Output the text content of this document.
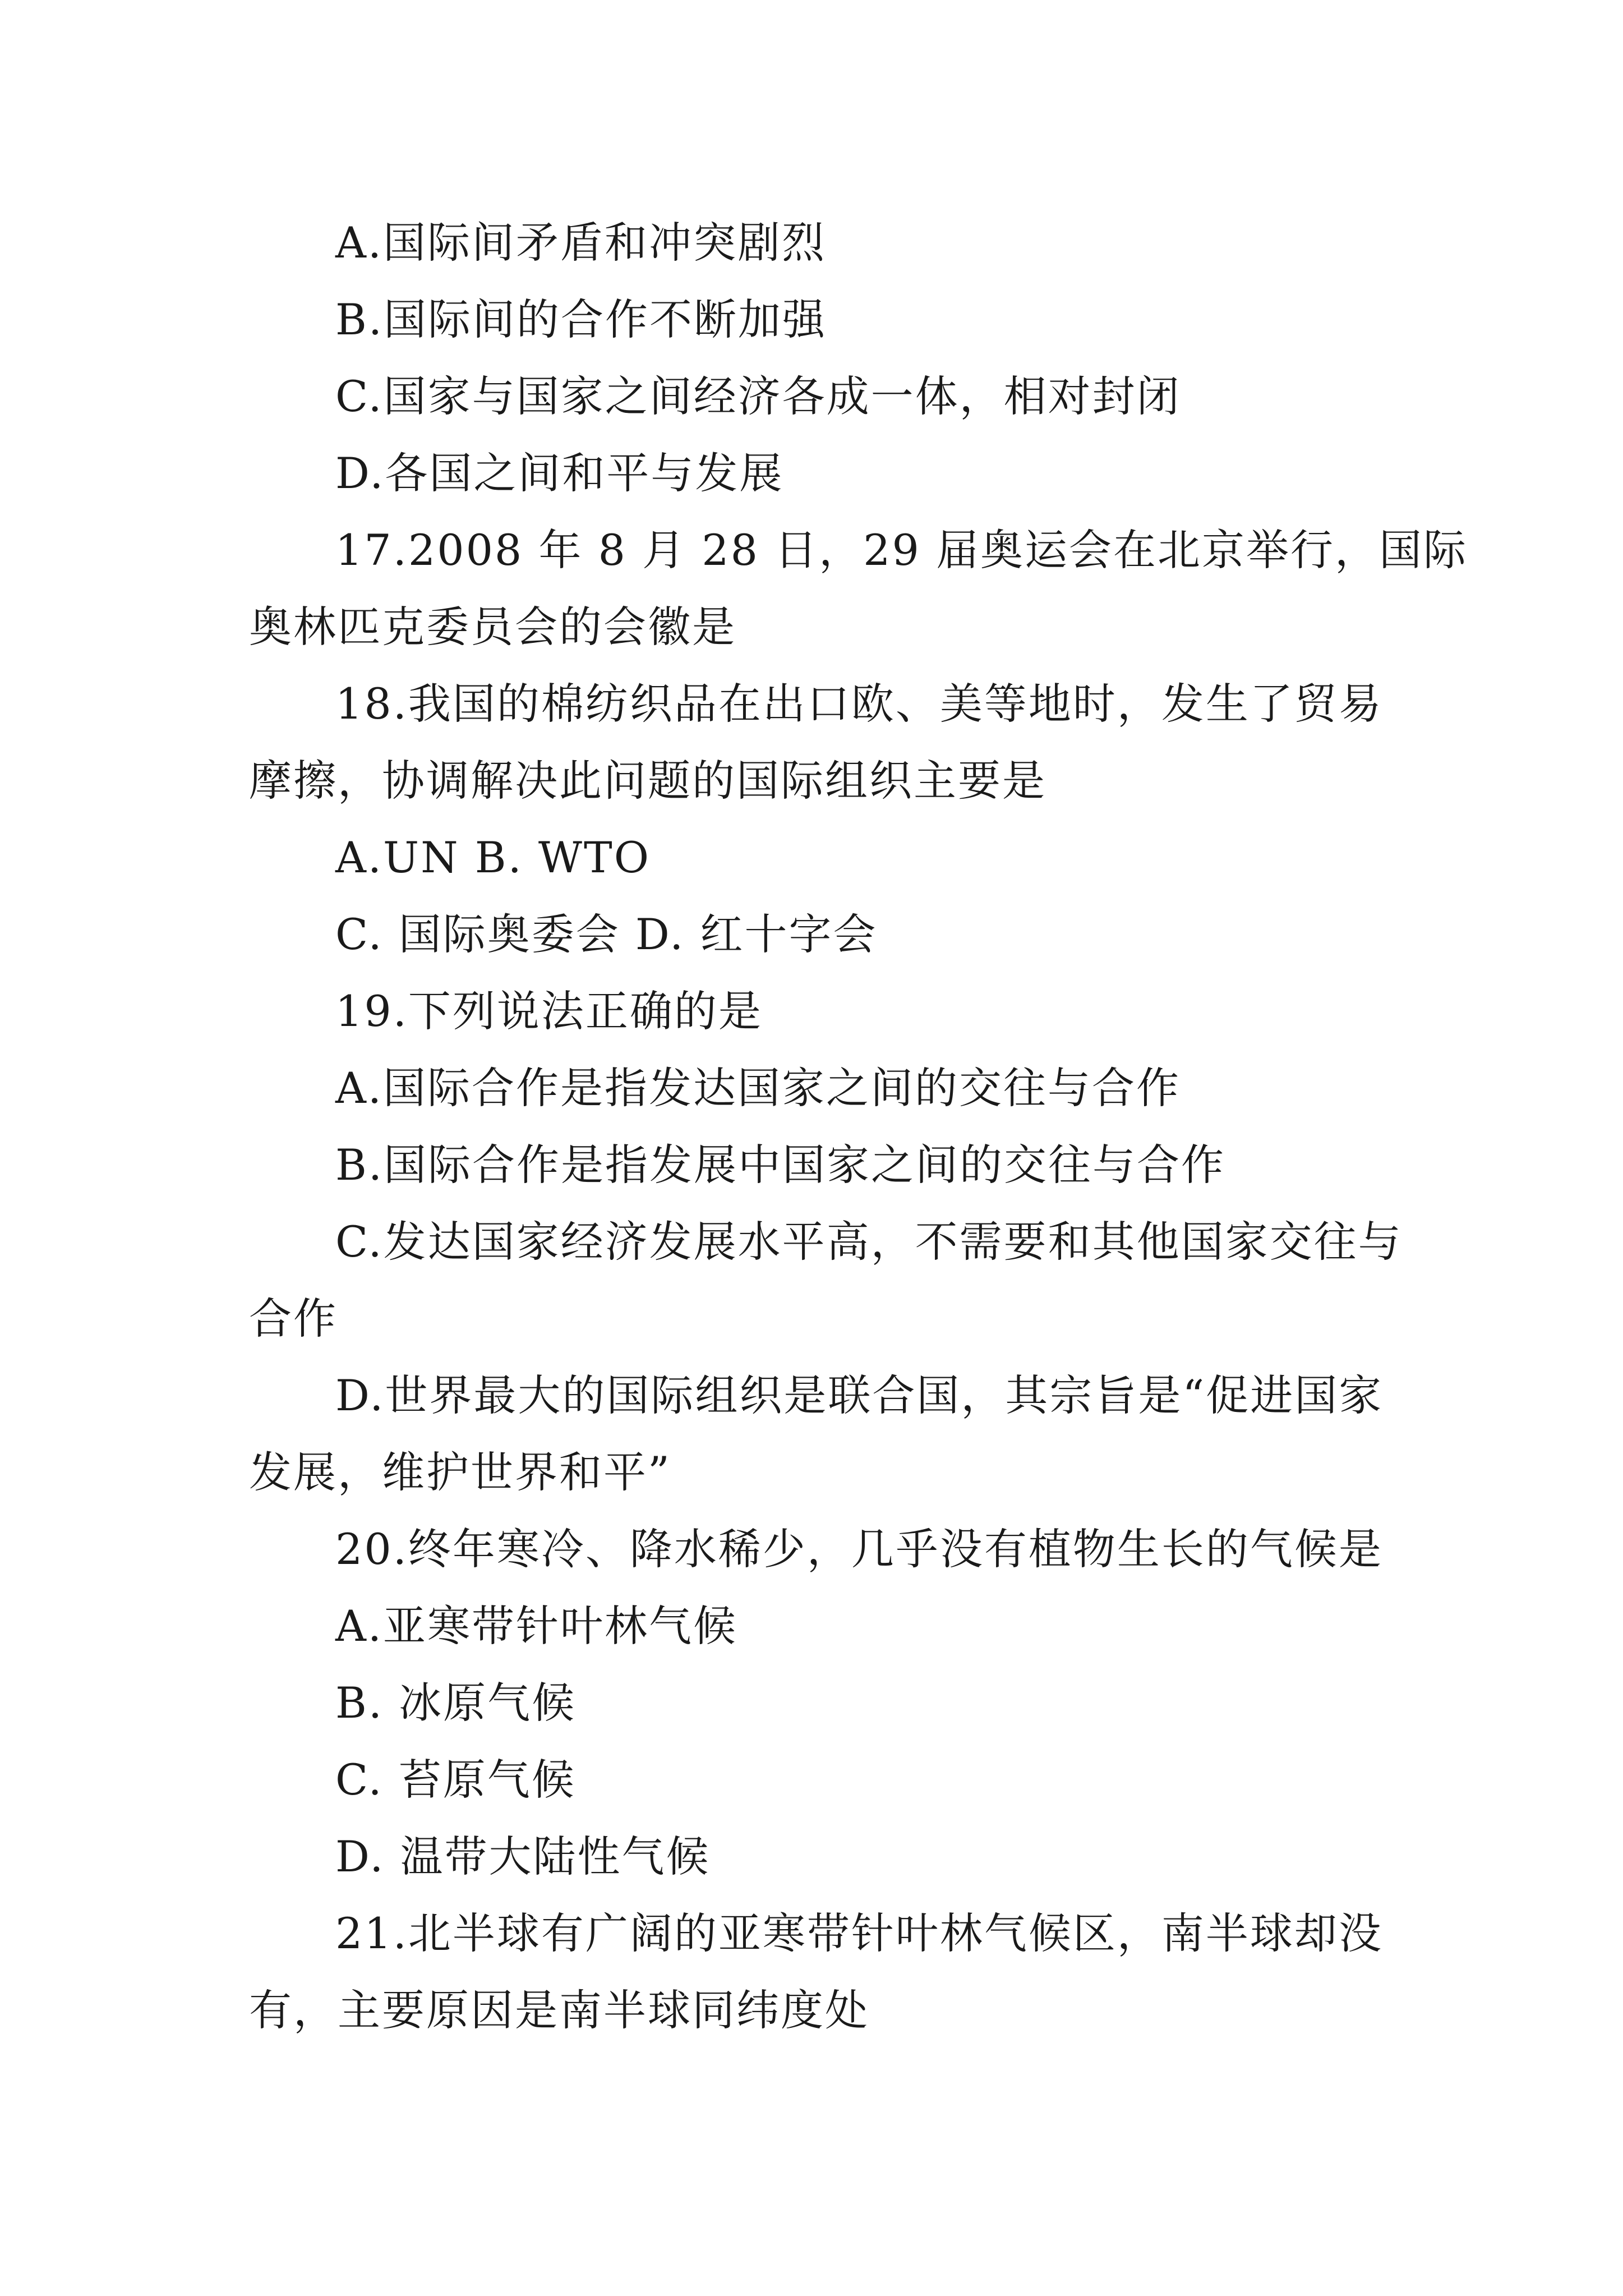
A.国际间矛盾和冲突剧烈

B.国际间的合作不断加强

C.国家与国家之间经济各成一体，相对封闭

D.各国之间和平与发展

17.2008 年 8 月 28 日，29 届奥运会在北京举行，国际

奥林匹克委员会的会徽是

18.我国的棉纺织品在出口欧、美等地时，发生了贸易

摩擦，协调解决此问题的国际组织主要是

A.UN B. WTO

C. 国际奥委会 D. 红十字会

19.下列说法正确的是

A.国际合作是指发达国家之间的交往与合作

B.国际合作是指发展中国家之间的交往与合作

C.发达国家经济发展水平高，不需要和其他国家交往与

合作

D.世界最大的国际组织是联合国，其宗旨是“促进国家

发展，维护世界和平”

20.终年寒冷、降水稀少，几乎没有植物生长的气候是

A.亚寒带针叶林气候

B. 冰原气候

C. 苔原气候

D. 温带大陆性气候

21.北半球有广阔的亚寒带针叶林气候区，南半球却没

有，主要原因是南半球同纬度处
